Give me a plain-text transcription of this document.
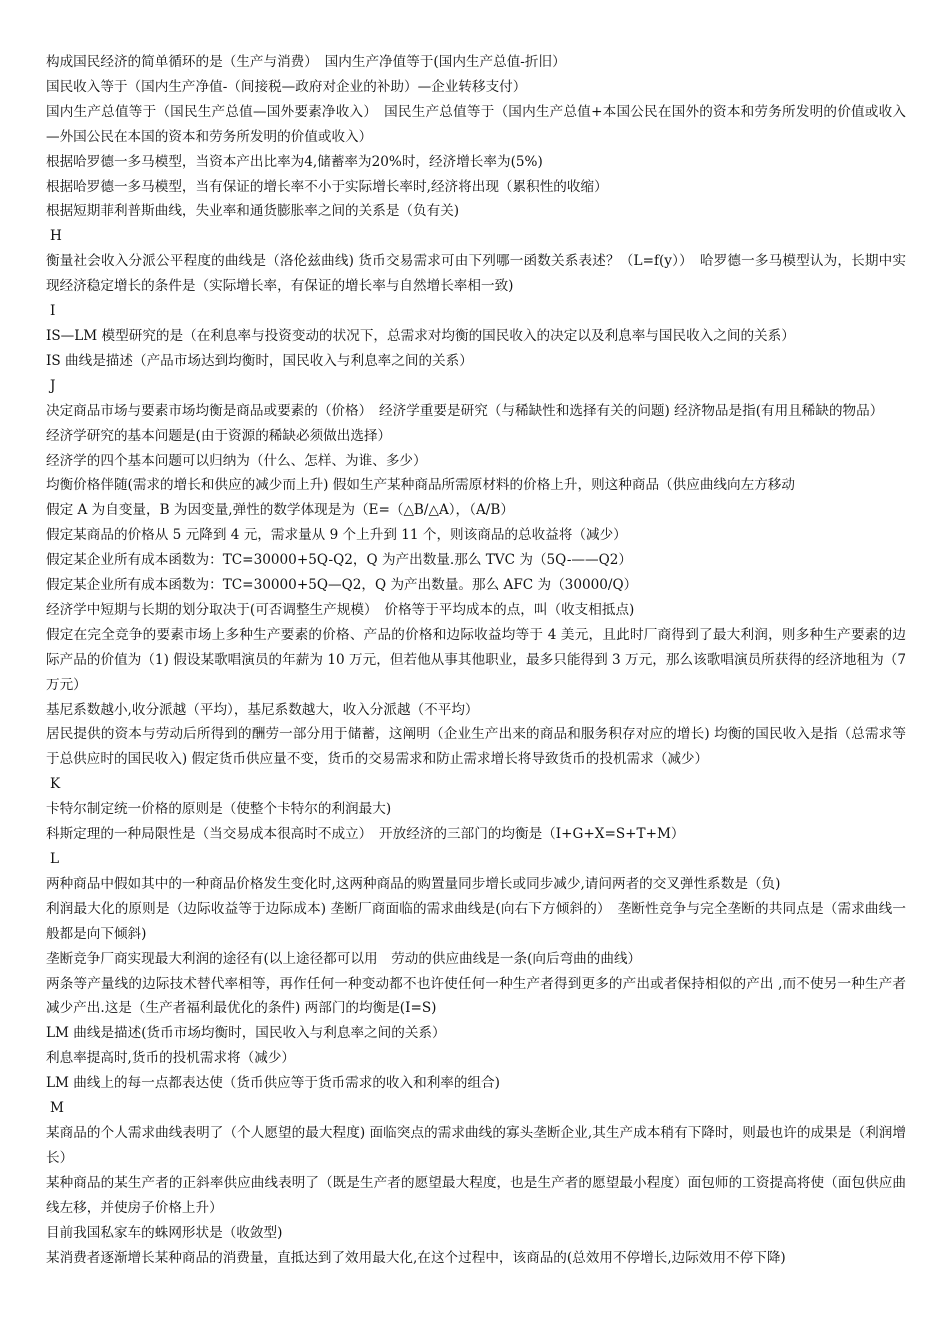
构成国民经济的简单循环的是（生产与消费）　国内生产净值等于(国内生产总值-折旧）

国民收入等于（国内生产净值-（间接税—政府对企业的补助）—企业转移支付）

国内生产总值等于（国民生产总值—国外要素净收入）　国民生产总值等于（国内生产总值+本国公民在国外的资本和劳务所发明的价值或收入—外国公民在本国的资本和劳务所发明的价值或收入）

根据哈罗德一多马模型，当资本产出比率为4,储蓄率为20%时，经济增长率为(5%)

根据哈罗德一多马模型，当有保证的增长率不小于实际增长率时,经济将出现（累积性的收缩）

根据短期菲利普斯曲线，失业率和通货膨胀率之间的关系是（负有关)

H

衡量社会收入分派公平程度的曲线是（洛伦兹曲线) 货币交易需求可由下列哪一函数关系表述？（L=f(y））　哈罗德一多马模型认为，长期中实现经济稳定增长的条件是（实际增长率，有保证的增长率与自然增长率相一致)

I

IS—LM 模型研究的是（在利息率与投资变动的状况下，总需求对均衡的国民收入的决定以及利息率与国民收入之间的关系）

IS 曲线是描述（产品市场达到均衡时，国民收入与利息率之间的关系）

J

决定商品市场与要素市场均衡是商品或要素的（价格）　经济学重要是研究（与稀缺性和选择有关的问题) 经济物品是指(有用且稀缺的物品）

经济学研究的基本问题是(由于资源的稀缺必须做出选择）

经济学的四个基本问题可以归纳为（什么、怎样、为谁、多少）

均衡价格伴随(需求的增长和供应的减少而上升) 假如生产某种商品所需原材料的价格上升，则这种商品（供应曲线向左方移动

假定 A 为自变量，B 为因变量,弹性的数学体现是为（E=（△B/△A），（A/B）

假定某商品的价格从 5 元降到 4 元，需求量从 9 个上升到 11 个，则该商品的总收益将（减少）

假定某企业所有成本函数为：TC=30000+5Q-Q2，Q 为产出数量.那么 TVC 为（5Q-——Q2）

假定某企业所有成本函数为：TC=30000+5Q—Q2，Q 为产出数量。那么 AFC 为（30000/Q）

经济学中短期与长期的划分取决于(可否调整生产规模）　价格等于平均成本的点，叫（收支相抵点)

假定在完全竞争的要素市场上多种生产要素的价格、产品的价格和边际收益均等于 4 美元，且此时厂商得到了最大利润，则多种生产要素的边际产品的价值为（1) 假设某歌唱演员的年薪为 10 万元，但若他从事其他职业，最多只能得到 3 万元，那么该歌唱演员所获得的经济地租为（7 万元）

基尼系数越小,收分派越（平均），基尼系数越大，收入分派越（不平均）

居民提供的资本与劳动后所得到的酬劳一部分用于储蓄，这阐明（企业生产出来的商品和服务积存对应的增长) 均衡的国民收入是指（总需求等于总供应时的国民收入) 假定货币供应量不变，货币的交易需求和防止需求增长将导致货币的投机需求（减少）

K

卡特尔制定统一价格的原则是（使整个卡特尔的利润最大)

科斯定理的一种局限性是（当交易成本很高时不成立）　开放经济的三部门的均衡是（I+G+X=S+T+M）

L

两种商品中假如其中的一种商品价格发生变化时,这两种商品的购置量同步增长或同步减少,请问两者的交叉弹性系数是（负)

利润最大化的原则是（边际收益等于边际成本) 垄断厂商面临的需求曲线是(向右下方倾斜的）　垄断性竞争与完全垄断的共同点是（需求曲线一般都是向下倾斜)

垄断竞争厂商实现最大利润的途径有(以上途径都可以用　劳动的供应曲线是一条(向后弯曲的曲线）

两条等产量线的边际技术替代率相等，再作任何一种变动都不也许使任何一种生产者得到更多的产出或者保持相似的产出 ,而不使另一种生产者减少产出.这是（生产者福利最优化的条件) 两部门的均衡是(I=S)

LM 曲线是描述(货币市场均衡时，国民收入与利息率之间的关系）

利息率提高时,货币的投机需求将（减少）

LM 曲线上的每一点都表达使（货币供应等于货币需求的收入和利率的组合)

M

某商品的个人需求曲线表明了（个人愿望的最大程度) 面临突点的需求曲线的寡头垄断企业,其生产成本稍有下降时，则最也许的成果是（利润增长）

某种商品的某生产者的正斜率供应曲线表明了（既是生产者的愿望最大程度，也是生产者的愿望最小程度）面包师的工资提高将使（面包供应曲线左移，并使房子价格上升）

目前我国私家车的蛛网形状是（收敛型)

某消费者逐渐增长某种商品的消费量，直抵达到了效用最大化,在这个过程中，该商品的(总效用不停增长,边际效用不停下降)
